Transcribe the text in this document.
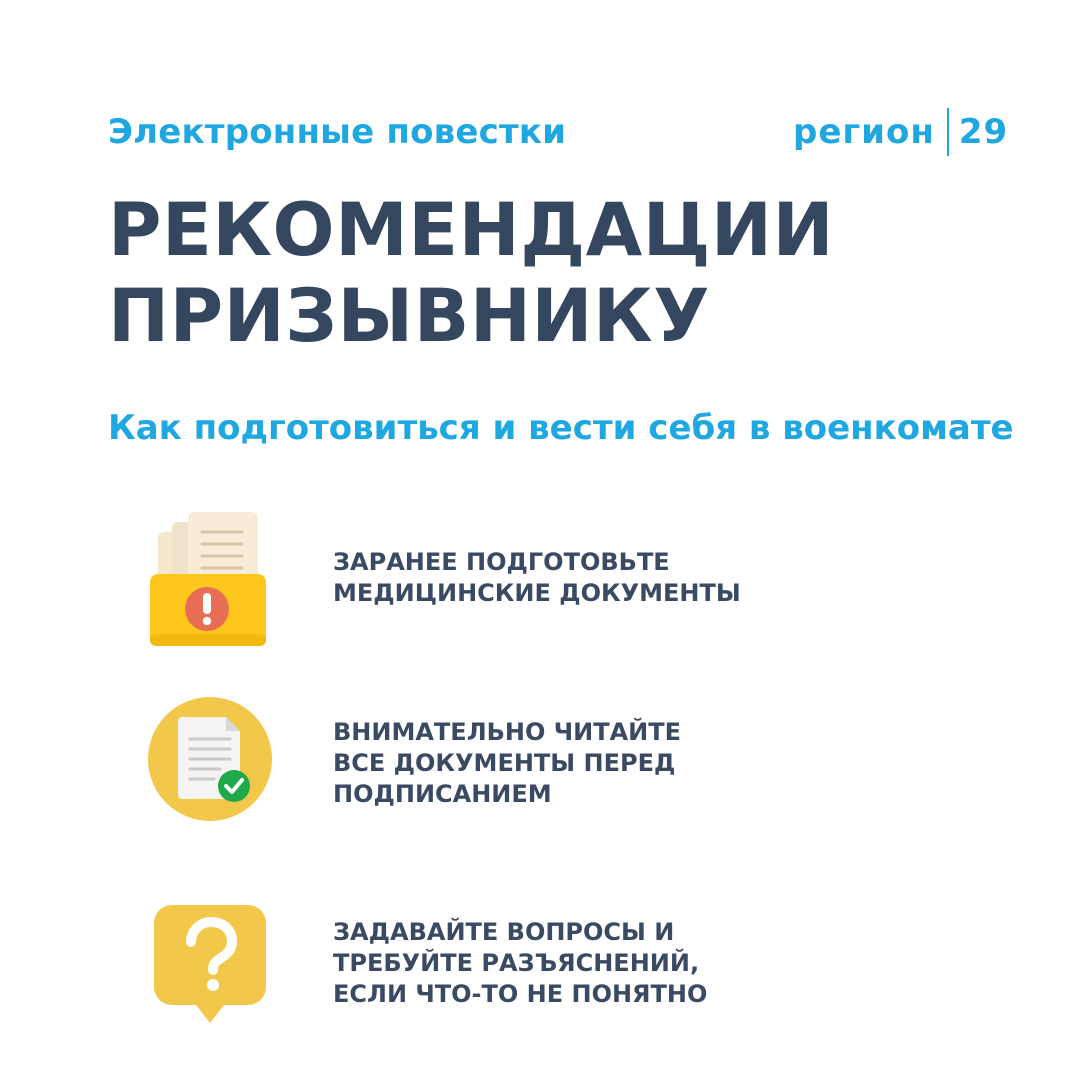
Электронные повестки	регион 29
РЕКОМЕНДАЦИИ
ПРИЗЫВНИКУ
Как подготовиться и вести себя в военкомате
ЗАРАНЕЕ ПОДГОТОВЬТЕ
МЕДИЦИНСКИЕ ДОКУМЕНТЫ
ВНИМАТЕЛЬНО ЧИТАЙТЕ
ВСЕ ДОКУМЕНТЫ ПЕРЕД
ПОДПИСАНИЕМ
ЗАДАВАЙТЕ ВОПРОСЫ И
ТРЕБУЙТЕ РАЗЪЯСНЕНИЙ,
ЕСЛИ ЧТО-ТО НЕ ПОНЯТНО
